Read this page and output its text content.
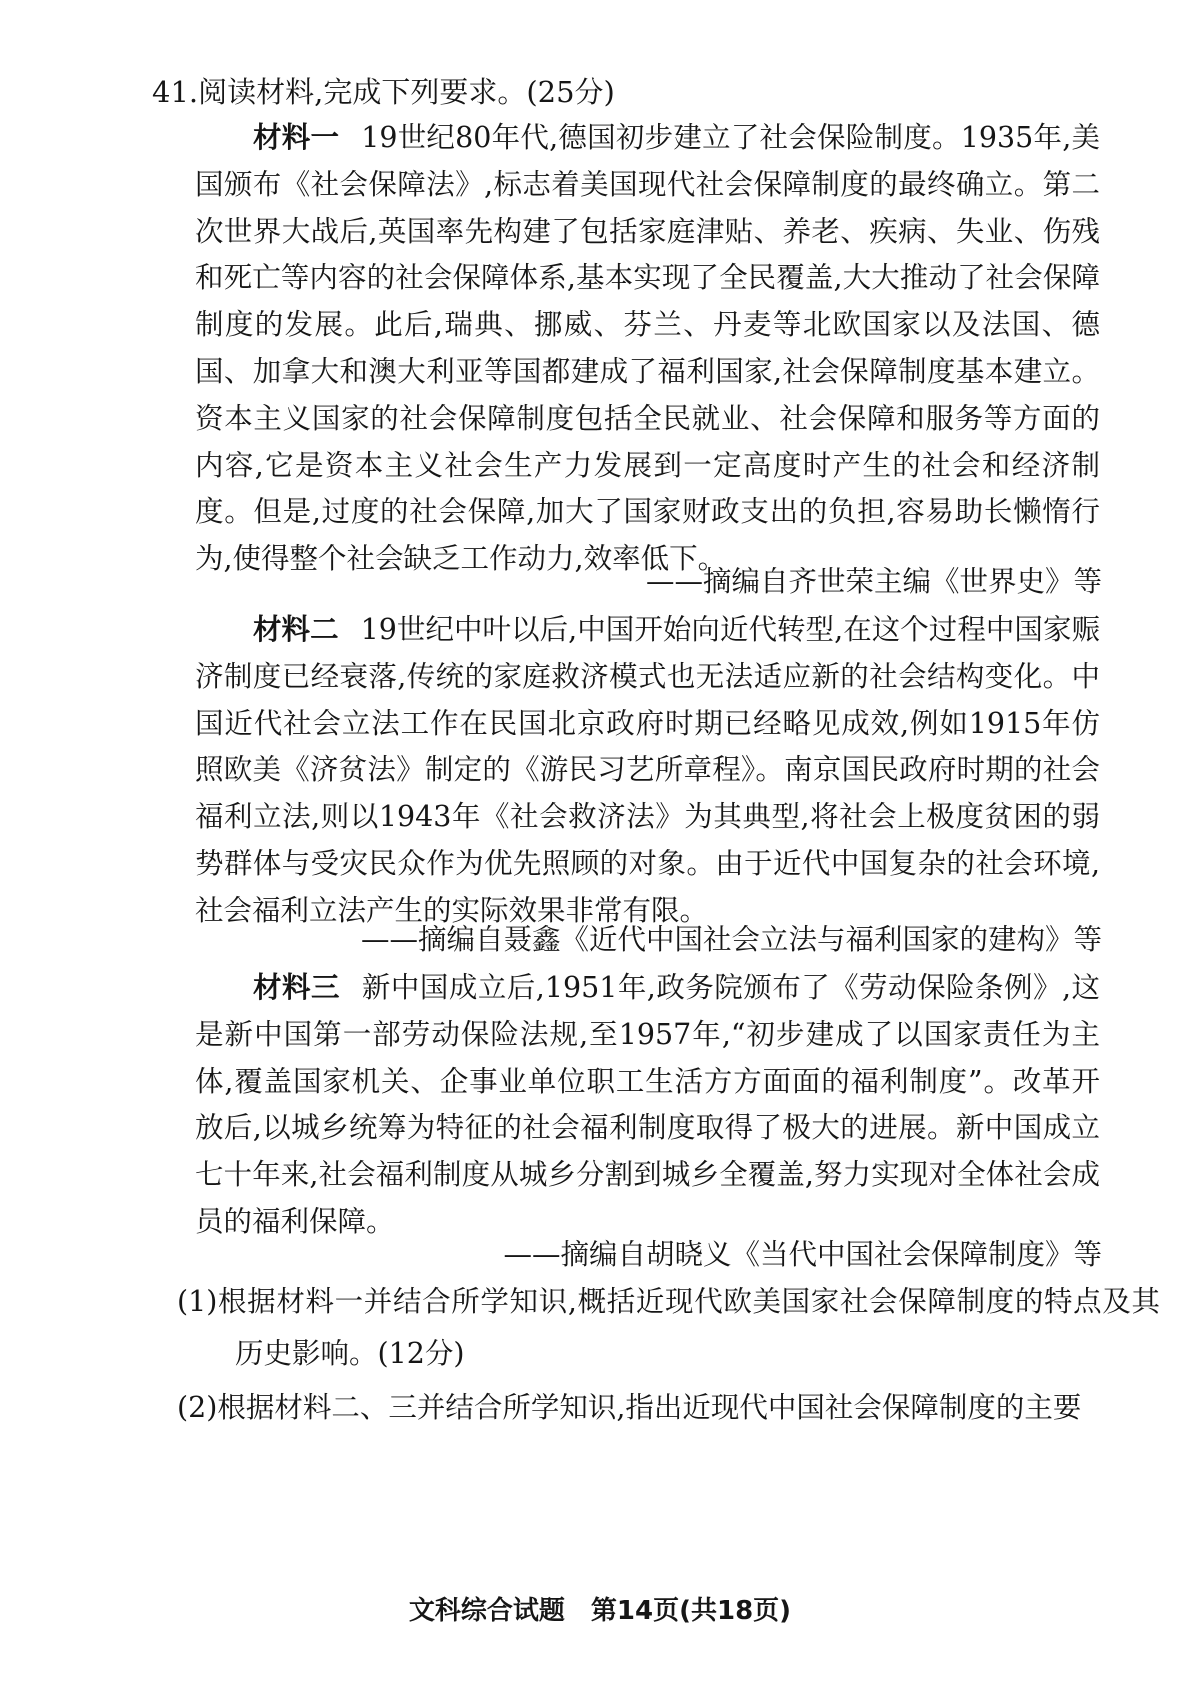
41.阅读材料,完成下列要求。(25分)

材料一 19世纪80年代,德国初步建立了社会保险制度。1935年,美国颁布《社会保障法》,标志着美国现代社会保障制度的最终确立。第二次世界大战后,英国率先构建了包括家庭津贴、养老、疾病、失业、伤残和死亡等内容的社会保障体系,基本实现了全民覆盖,大大推动了社会保障制度的发展。此后,瑞典、挪威、芬兰、丹麦等北欧国家以及法国、德国、加拿大和澳大利亚等国都建成了福利国家,社会保障制度基本建立。资本主义国家的社会保障制度包括全民就业、社会保障和服务等方面的内容,它是资本主义社会生产力发展到一定高度时产生的社会和经济制度。但是,过度的社会保障,加大了国家财政支出的负担,容易助长懒惰行为,使得整个社会缺乏工作动力,效率低下。

——摘编自齐世荣主编《世界史》等

材料二 19世纪中叶以后,中国开始向近代转型,在这个过程中国家赈济制度已经衰落,传统的家庭救济模式也无法适应新的社会结构变化。中国近代社会立法工作在民国北京政府时期已经略见成效,例如1915年仿照欧美《济贫法》制定的《游民习艺所章程》。南京国民政府时期的社会福利立法,则以1943年《社会救济法》为其典型,将社会上极度贫困的弱势群体与受灾民众作为优先照顾的对象。由于近代中国复杂的社会环境,社会福利立法产生的实际效果非常有限。

——摘编自聂鑫《近代中国社会立法与福利国家的建构》等

材料三 新中国成立后,1951年,政务院颁布了《劳动保险条例》,这是新中国第一部劳动保险法规,至1957年,“初步建成了以国家责任为主体,覆盖国家机关、企事业单位职工生活方方面面的福利制度”。改革开放后,以城乡统筹为特征的社会福利制度取得了极大的进展。新中国成立七十年来,社会福利制度从城乡分割到城乡全覆盖,努力实现对全体社会成员的福利保障。

——摘编自胡晓义《当代中国社会保障制度》等

(1)根据材料一并结合所学知识,概括近现代欧美国家社会保障制度的特点及其历史影响。(12分)

(2)根据材料二、三并结合所学知识,指出近现代中国社会保障制度的主要

文科综合试题　第14页(共18页)
